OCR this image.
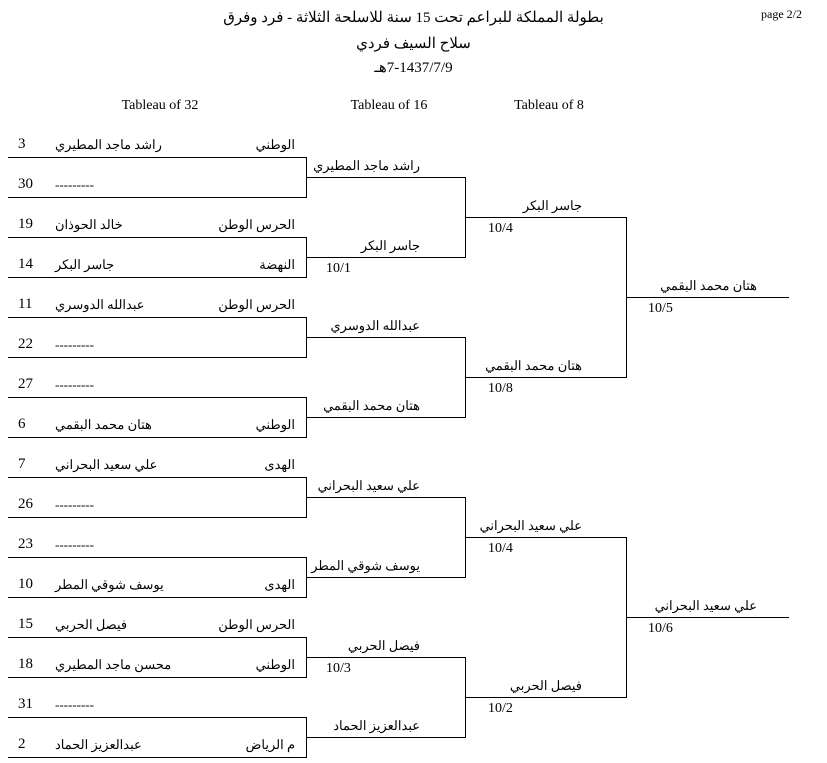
page 2/2
بطولة المملكة للبراعم تحت 15 سنة للاسلحة الثلاثة - فرد وفرق
سلاح السيف فردي
7-1437/7/9هـ
Tableau of 32	Tableau of 16	Tableau of 8
3 راشد ماجد المطيري	الوطني
30 ---------
19 خالد الحوذان	الحرس الوطن
14 جاسر البكر	النهضة
11 عبدالله الدوسري	الحرس الوطن
22 ---------
27 ---------
6 هتان محمد البقمي	الوطني
7 علي سعيد البحراني	الهدى
26 ---------
23 ---------
10 يوسف شوقي المطر	الهدى
15 فيصل الحربي	الحرس الوطن
18 محسن ماجد المطيري	الوطني
31 ---------
2 عبدالعزيز الحماد	م الرياض
راشد ماجد المطيري
جاسر البكر
10/1
عبدالله الدوسري
هتان محمد البقمي
علي سعيد البحراني
يوسف شوقي المطر
فيصل الحربي
10/3
عبدالعزيز الحماد
جاسر البكر
10/4
هتان محمد البقمي
10/8
علي سعيد البحراني
10/4
فيصل الحربي
10/2
هتان محمد البقمي
10/5
علي سعيد البحراني
10/6
